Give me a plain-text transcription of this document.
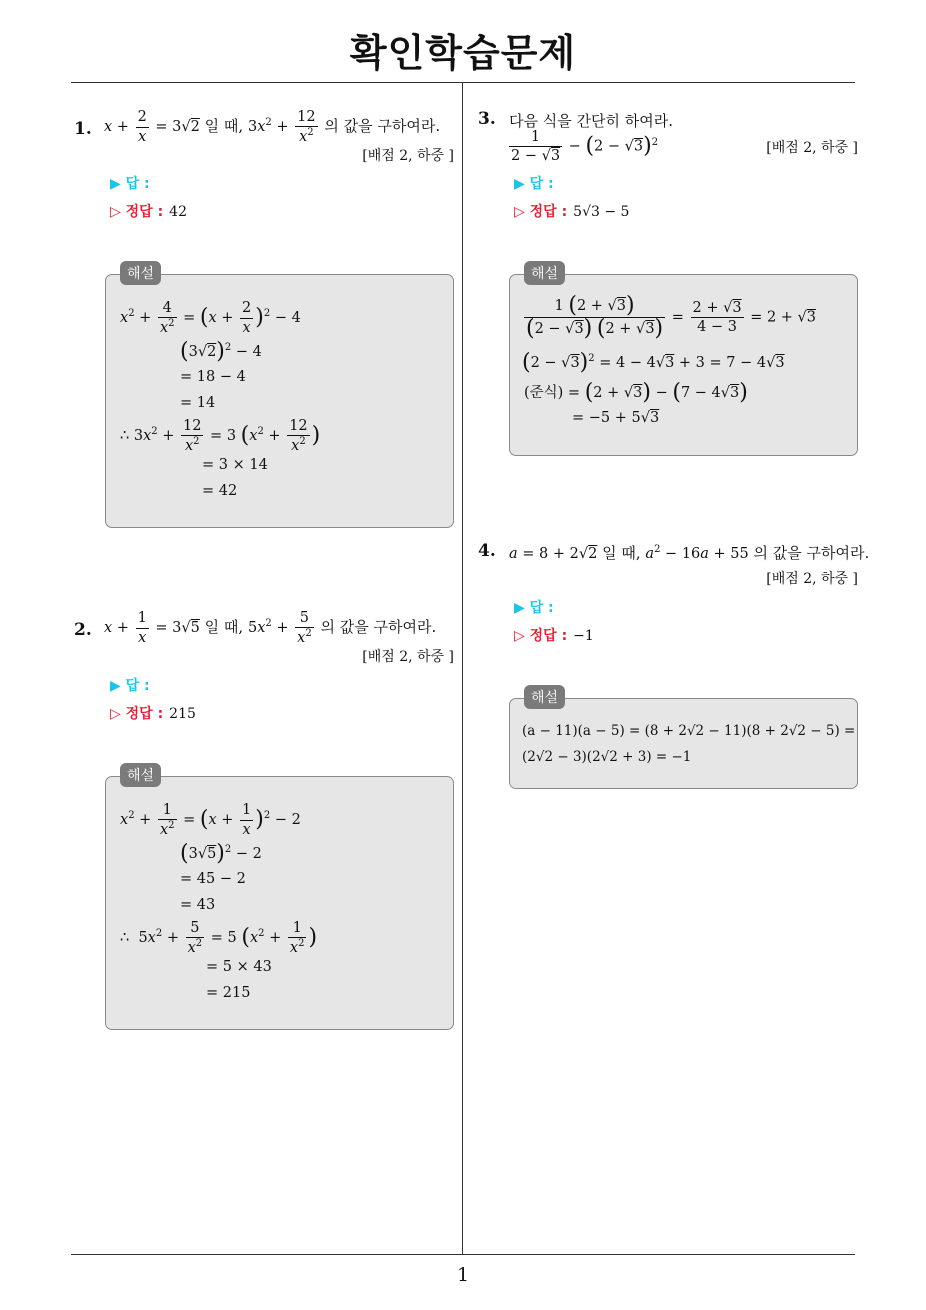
확인학습문제
1
1. $x + \frac{2}{x} = 3√2$ 일 때, $3x^2 + \frac{12}{x^2}$ 의 값을 구하여라.
[배점 2, 하중 ]
▶ 답 :
▷ 정답 : 42
$x^2 + \frac{4}{x^2} = (x + \frac{2}{x} )^2 - 4$
$(3√2)^2 - 4$
= 18 − 4
= 14
∴ $3x^2 + \frac{12}{x^2} = 3$ ($x^2 + \frac{12}{x^2}$ )
= 3 × 14
= 42
해설
2. $x + \frac{1}{x} = 3√5$ 일 때, $5x^2 + \frac{5}{x^2}$ 의 값을 구하여라.
[배점 2, 하중 ]
▶ 답 :
▷ 정답 : 215
$x^2 + \frac{1}{x^2} = (x + \frac{1}{x} )^2 - 2$
$(3√5)^2 - 2$
= 45 − 2
= 43
∴  $5x^2 + \frac{5}{x^2} = 5$ ($x^2 + \frac{1}{x^2}$ )
= 5 × 43
= 215
해설
3. 다음 식을 간단히 하여라.
$\frac{1}{2 - √3} - (2 - √3)^2$	[배점 2, 하중 ]
▶ 답 :
▷ 정답 : 5√3 − 5
$\frac{1 (2 + √3)}{(2 - √3) (2 + √3)} = \frac{2 + √3}{4 - 3} = 2 + √3$
$(2 - √3)^2 = 4 - 4√3 + 3 = 7 - 4√3$
(준식) = (2 + √3) − (7 − 4√3)
= −5 + 5√3
해설
4. a = 8 + 2√2 일 때, $a^2 - 16a + 55$ 의 값을 구하여라.
[배점 2, 하중 ]
▶ 답 :
▷ 정답 : −1
(a − 11)(a − 5) = (8 + 2√2 − 11)(8 + 2√2 − 5) =
(2√2 − 3)(2√2 + 3) = −1
해설
